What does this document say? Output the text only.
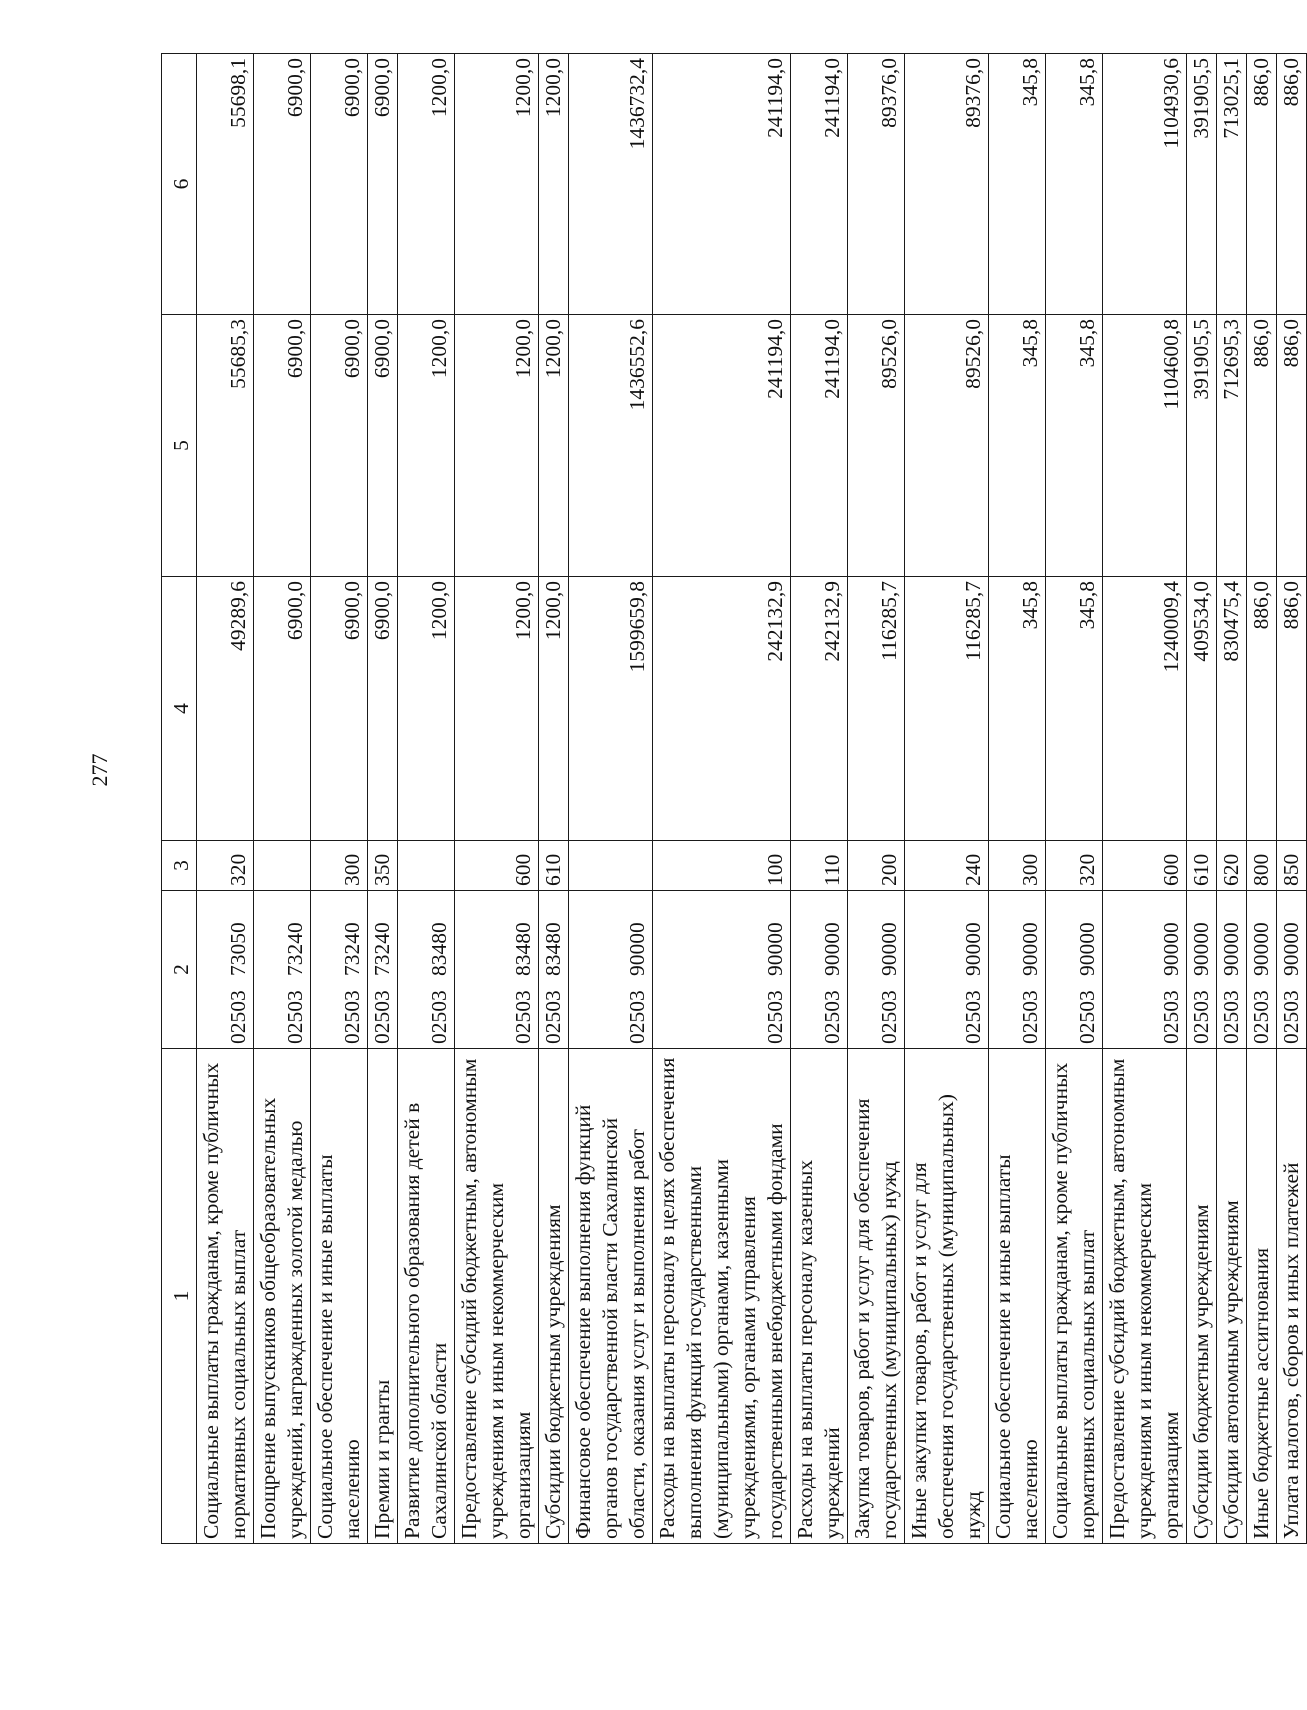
277
1	2	3	4	5	6
Социальные выплаты гражданам, кроме публичных нормативных социальных выплат	0250373050	320	49289,6	55685,3	55698,1
Поощрение выпускников общеобразовательных учреждений, награжденных золотой медалью	0250373240		6900,0	6900,0	6900,0
Социальное обеспечение и иные выплаты населению	0250373240	300	6900,0	6900,0	6900,0
Премии и гранты	0250373240	350	6900,0	6900,0	6900,0
Развитие дополнительного образования детей в Сахалинской области	0250383480		1200,0	1200,0	1200,0
Предоставление субсидий бюджетным, автономным учреждениям и иным некоммерческим организациям	0250383480	600	1200,0	1200,0	1200,0
Субсидии бюджетным учреждениям	0250383480	610	1200,0	1200,0	1200,0
Финансовое обеспечение выполнения функций органов государственной власти Сахалинской области, оказания услуг и выполнения работ	0250390000		1599659,8	1436552,6	1436732,4
Расходы на выплаты персоналу в целях обеспечения выполнения функций государственными (муниципальными) органами, казенными учреждениями, органами управления государственными внебюджетными фондами	0250390000	100	242132,9	241194,0	241194,0
Расходы на выплаты персоналу казенных учреждений	0250390000	110	242132,9	241194,0	241194,0
Закупка товаров, работ и услуг для обеспечения государственных (муниципальных) нужд	0250390000	200	116285,7	89526,0	89376,0
Иные закупки товаров, работ и услуг для обеспечения государственных (муниципальных) нужд	0250390000	240	116285,7	89526,0	89376,0
Социальное обеспечение и иные выплаты населению	0250390000	300	345,8	345,8	345,8
Социальные выплаты гражданам, кроме публичных нормативных социальных выплат	0250390000	320	345,8	345,8	345,8
Предоставление субсидий бюджетным, автономным учреждениям и иным некоммерческим организациям	0250390000	600	1240009,4	1104600,8	1104930,6
Субсидии бюджетным учреждениям	0250390000	610	409534,0	391905,5	391905,5
Субсидии автономным учреждениям	0250390000	620	830475,4	712695,3	713025,1
Иные бюджетные ассигнования	0250390000	800	886,0	886,0	886,0
Уплата налогов, сборов и иных платежей	0250390000	850	886,0	886,0	886,0
